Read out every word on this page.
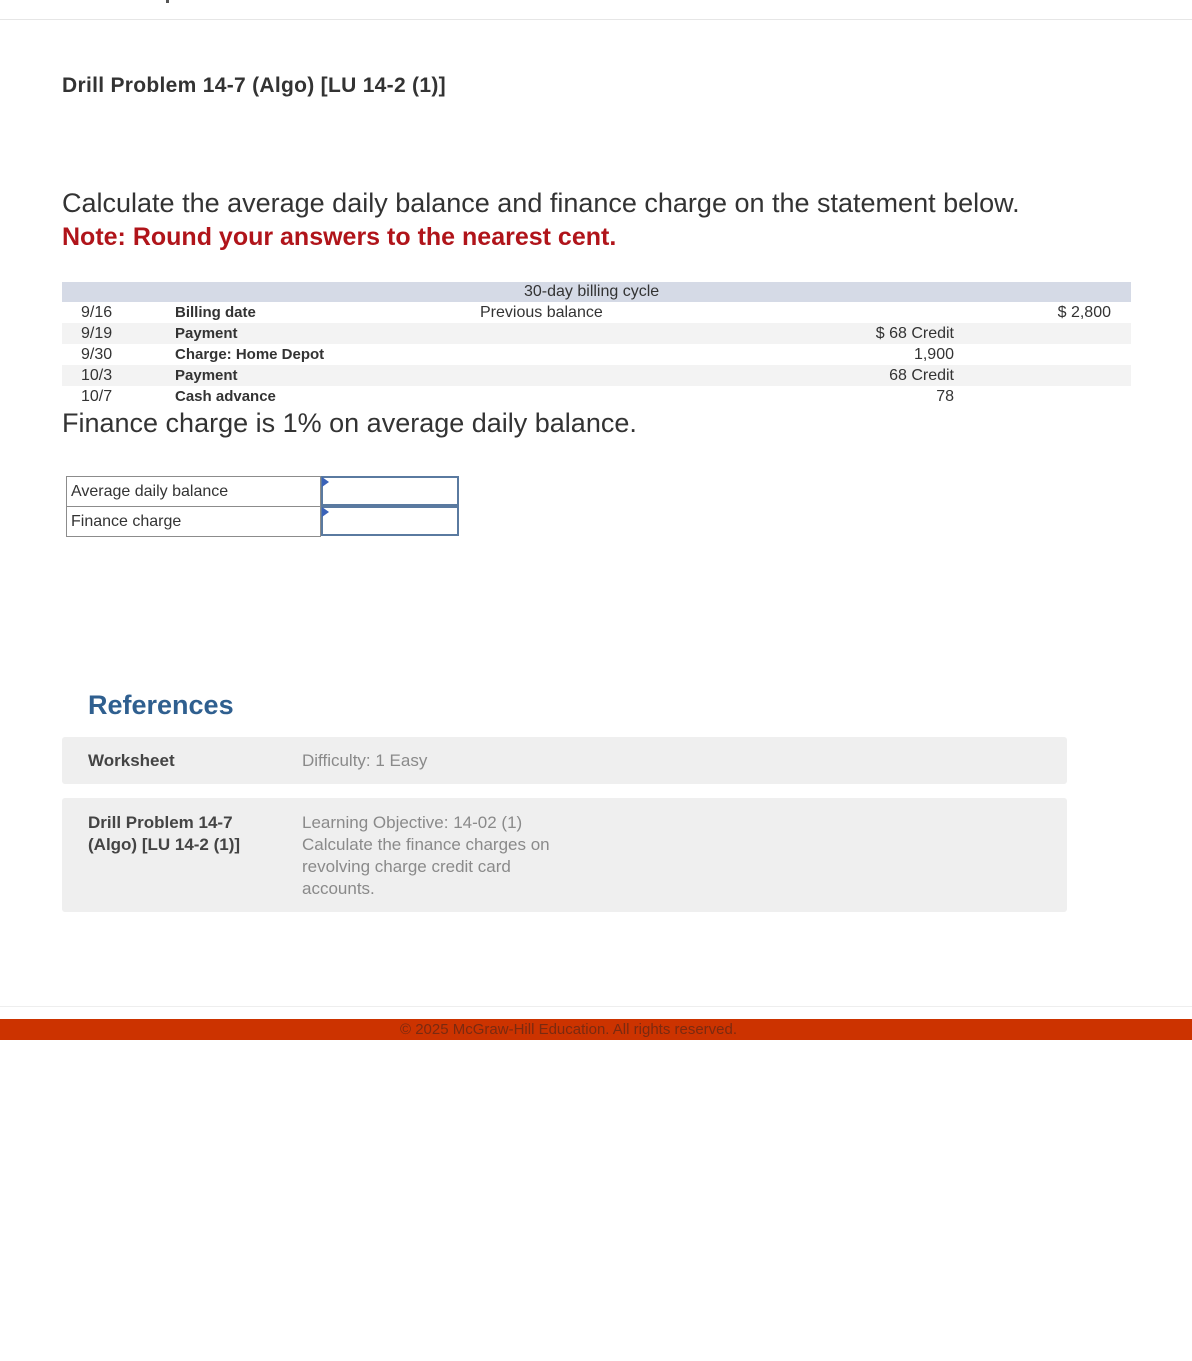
Drill Problem 14-7 (Algo) [LU 14-2 (1)]
Calculate the average daily balance and finance charge on the statement below.
Note: Round your answers to the nearest cent.
30-day billing cycle
9/16	Billing date	Previous balance	$ 2,800
9/19	Payment	$ 68 Credit
9/30	Charge: Home Depot	1,900
10/3	Payment	68 Credit
10/7	Cash advance	78
Finance charge is 1% on average daily balance.
Average daily balance
Finance charge
References
Worksheet	Difficulty: 1 Easy
Drill Problem 14-7 (Algo) [LU 14-2 (1)]
Learning Objective: 14-02 (1) Calculate the finance charges on revolving charge credit card accounts.
© 2025 McGraw-Hill Education. All rights reserved.
